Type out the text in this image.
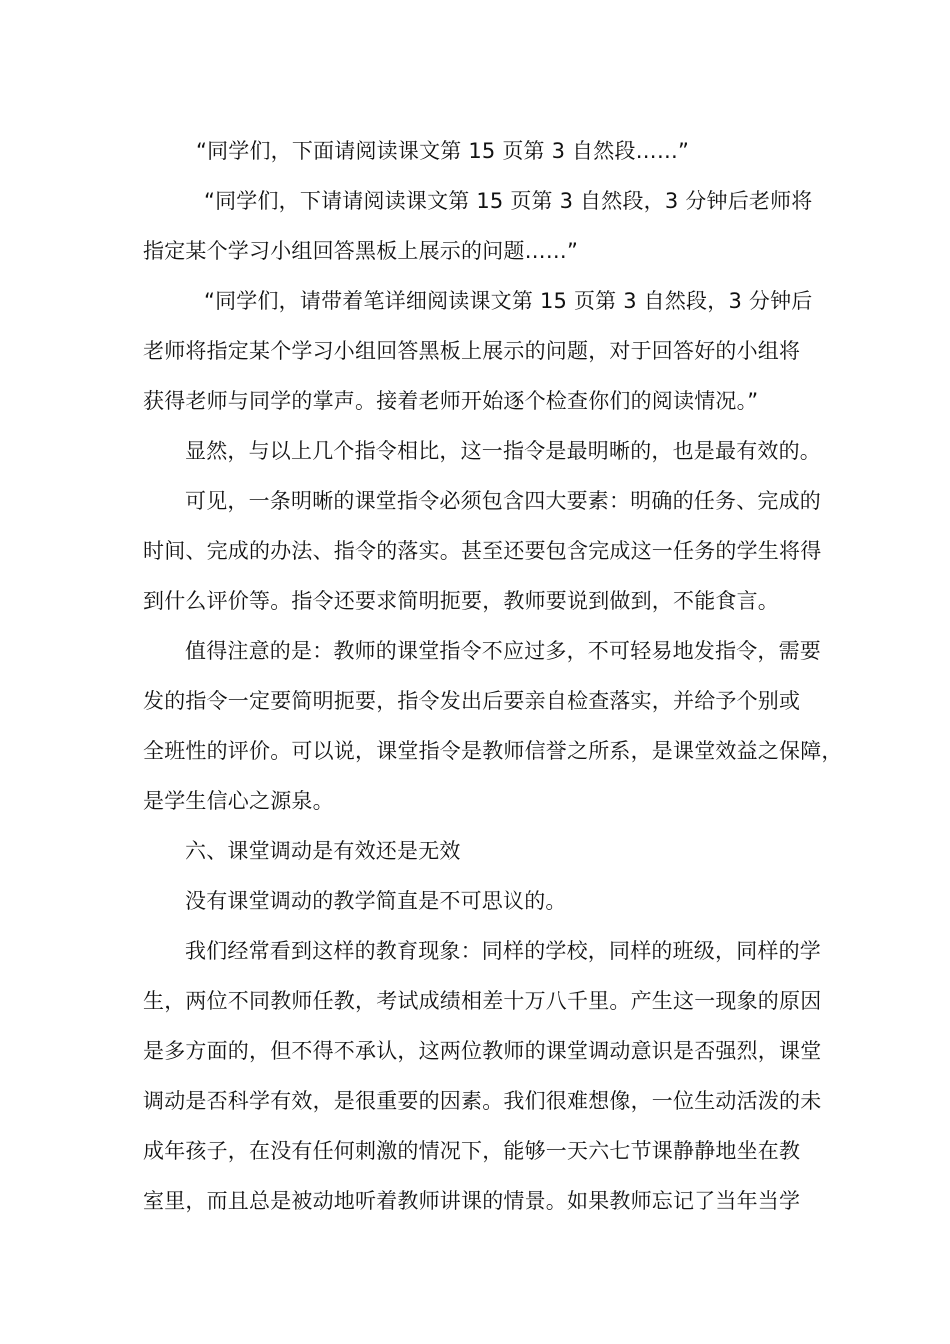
“同学们，下面请阅读课文第 15 页第 3 自然段……”
“同学们，下请请阅读课文第 15 页第 3 自然段，3 分钟后老师将
指定某个学习小组回答黑板上展示的问题……”
“同学们，请带着笔详细阅读课文第 15 页第 3 自然段，3 分钟后
老师将指定某个学习小组回答黑板上展示的问题，对于回答好的小组将
获得老师与同学的掌声。接着老师开始逐个检查你们的阅读情况。”
显然，与以上几个指令相比，这一指令是最明晰的，也是最有效的。
可见，一条明晰的课堂指令必须包含四大要素：明确的任务、完成的
时间、完成的办法、指令的落实。甚至还要包含完成这一任务的学生将得
到什么评价等。指令还要求简明扼要，教师要说到做到，不能食言。
值得注意的是：教师的课堂指令不应过多，不可轻易地发指令，需要
发的指令一定要简明扼要，指令发出后要亲自检查落实，并给予个别或
全班性的评价。可以说，课堂指令是教师信誉之所系，是课堂效益之保障，
是学生信心之源泉。
六、课堂调动是有效还是无效
没有课堂调动的教学简直是不可思议的。
我们经常看到这样的教育现象：同样的学校，同样的班级，同样的学
生，两位不同教师任教，考试成绩相差十万八千里。产生这一现象的原因
是多方面的，但不得不承认，这两位教师的课堂调动意识是否强烈，课堂
调动是否科学有效，是很重要的因素。我们很难想像，一位生动活泼的未
成年孩子，在没有任何刺激的情况下，能够一天六七节课静静地坐在教
室里，而且总是被动地听着教师讲课的情景。如果教师忘记了当年当学
